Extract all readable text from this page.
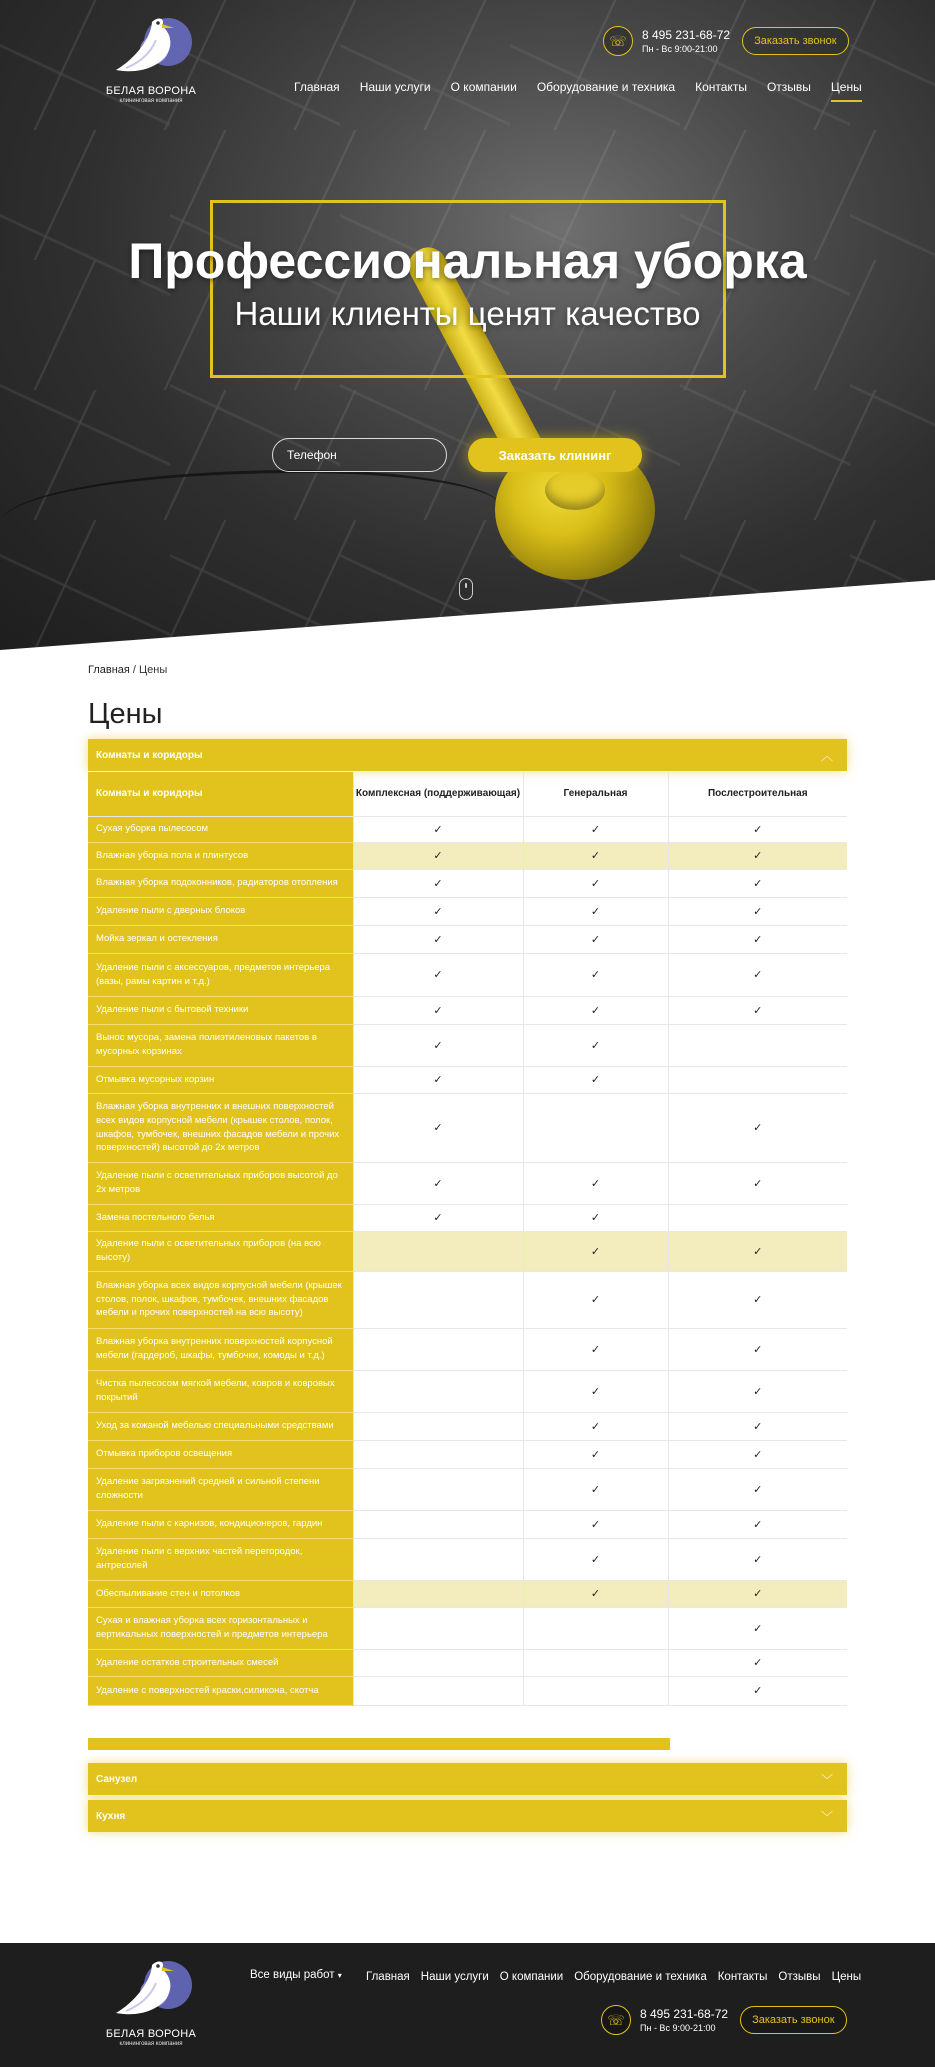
БЕЛАЯ ВОРОНА
клининговая компания
☏	8 495 231-68-72
Пн - Вс 9:00-21:00
Заказать звонок
Главная Наши услуги О компании Оборудование и техника Контакты Отзывы Цены
Профессиональная уборка
Наши клиенты ценят качество
Телефон
Заказать клининг
Главная / Цены
Цены
Комнаты и коридоры	︿
Комнаты и коридоры	Комплексная (поддерживающая)	Генеральная	Послестроительная
Сухая уборка пылесосом	✓	✓	✓
Влажная уборка пола и плинтусов	✓	✓	✓
Влажная уборка подоконников, радиаторов отопления	✓	✓	✓
Удаление пыли с дверных блоков	✓	✓	✓
Мойка зеркал и остекления	✓	✓	✓
Удаление пыли с аксессуаров, предметов интерьера (вазы, рамы картин и т.д.)	✓	✓	✓
Удаление пыли с бытовой техники	✓	✓	✓
Вынос мусора, замена полиэтиленовых пакетов в мусорных корзинах	✓	✓	
Отмывка мусорных корзин	✓	✓	
Влажная уборка внутренних и внешних поверхностей всех видов корпусной мебели (крышек столов, полок, шкафов, тумбочек, внешних фасадов мебели и прочих поверхностей) высотой до 2х метров	✓		✓
Удаление пыли с осветительных приборов высотой до 2х метров	✓	✓	✓
Замена постельного белья	✓	✓	
Удаление пыли с осветительных приборов (на всю высоту)		✓	✓
Влажная уборка всех видов корпусной мебели (крышек столов, полок, шкафов, тумбочек, внешних фасадов мебели и прочих поверхностей на всю высоту)		✓	✓
Влажная уборка внутренних поверхностей корпусной мебели (гардероб, шкафы, тумбочки, комоды и т.д.)		✓	✓
Чистка пылесосом мягкой мебели, ковров и ковровых покрытий		✓	✓
Уход за кожаной мебелью специальными средствами		✓	✓
Отмывка приборов освещения		✓	✓
Удаление загрязнений средней и сильной степени сложности		✓	✓
Удаление пыли с карнизов, кондиционеров, гардин		✓	✓
Удаление пыли с верхних частей перегородок, антресолей		✓	✓
Обеспыливание стен и потолков		✓	✓
Сухая и влажная уборка всех горизонтальных и вертикальных поверхностей и предметов интерьера			✓
Удаление остатков строительных смесей			✓
Удаление с поверхностей краски,силикона, скотча			✓
Санузел	﹀
Кухня	﹀
БЕЛАЯ ВОРОНА
клининговая компания
Все виды работ ▾ Главная Наши услуги О компании Оборудование и техника Контакты Отзывы Цены
☏	8 495 231-68-72
Пн - Вс 9:00-21:00
Заказать звонок
